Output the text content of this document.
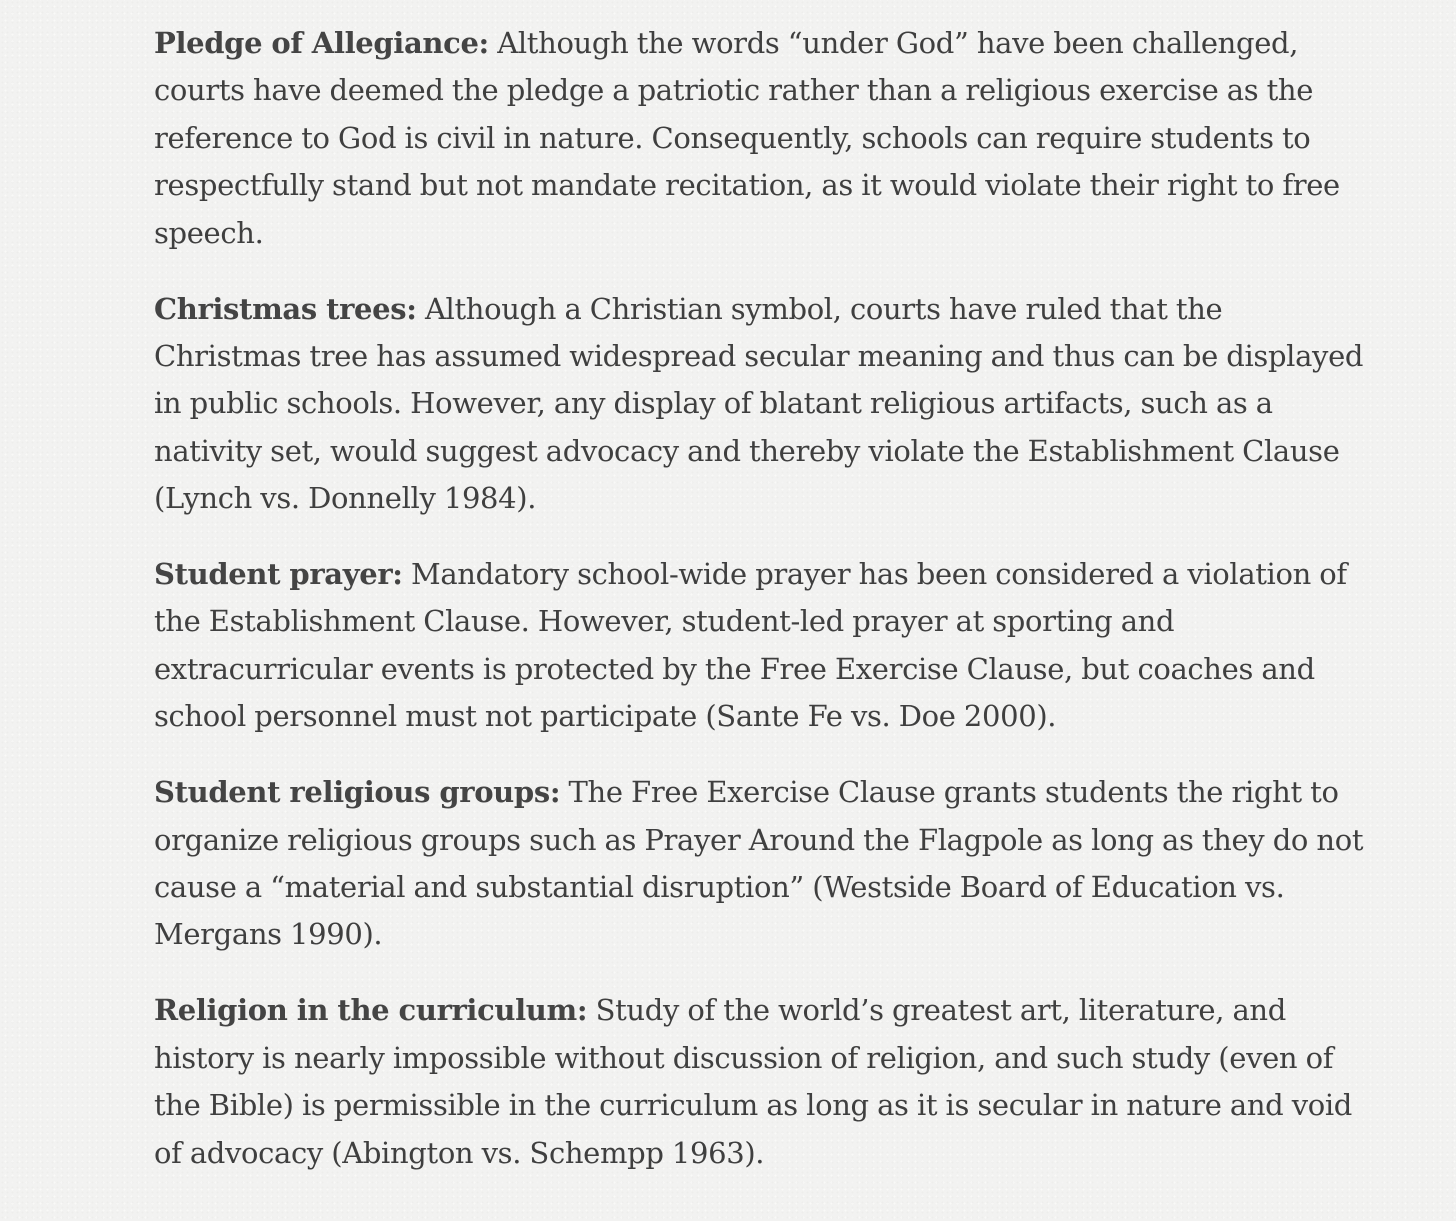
Pledge of Allegiance: Although the words “under God” have been challenged, courts have deemed the pledge a patriotic rather than a religious exercise as the reference to God is civil in nature. Consequently, schools can require students to respectfully stand but not mandate recitation, as it would violate their right to free speech.

Christmas trees: Although a Christian symbol, courts have ruled that the Christmas tree has assumed widespread secular meaning and thus can be displayed in public schools. However, any display of blatant religious artifacts, such as a nativity set, would suggest advocacy and thereby violate the Establishment Clause (Lynch vs. Donnelly 1984).

Student prayer: Mandatory school-wide prayer has been considered a violation of the Establishment Clause. However, student-led prayer at sporting and extracurricular events is protected by the Free Exercise Clause, but coaches and school personnel must not participate (Sante Fe vs. Doe 2000).

Student religious groups: The Free Exercise Clause grants students the right to organize religious groups such as Prayer Around the Flagpole as long as they do not cause a “material and substantial disruption” (Westside Board of Education vs. Mergans 1990).

Religion in the curriculum: Study of the world’s greatest art, literature, and history is nearly impossible without discussion of religion, and such study (even of the Bible) is permissible in the curriculum as long as it is secular in nature and void of advocacy (Abington vs. Schempp 1963).
